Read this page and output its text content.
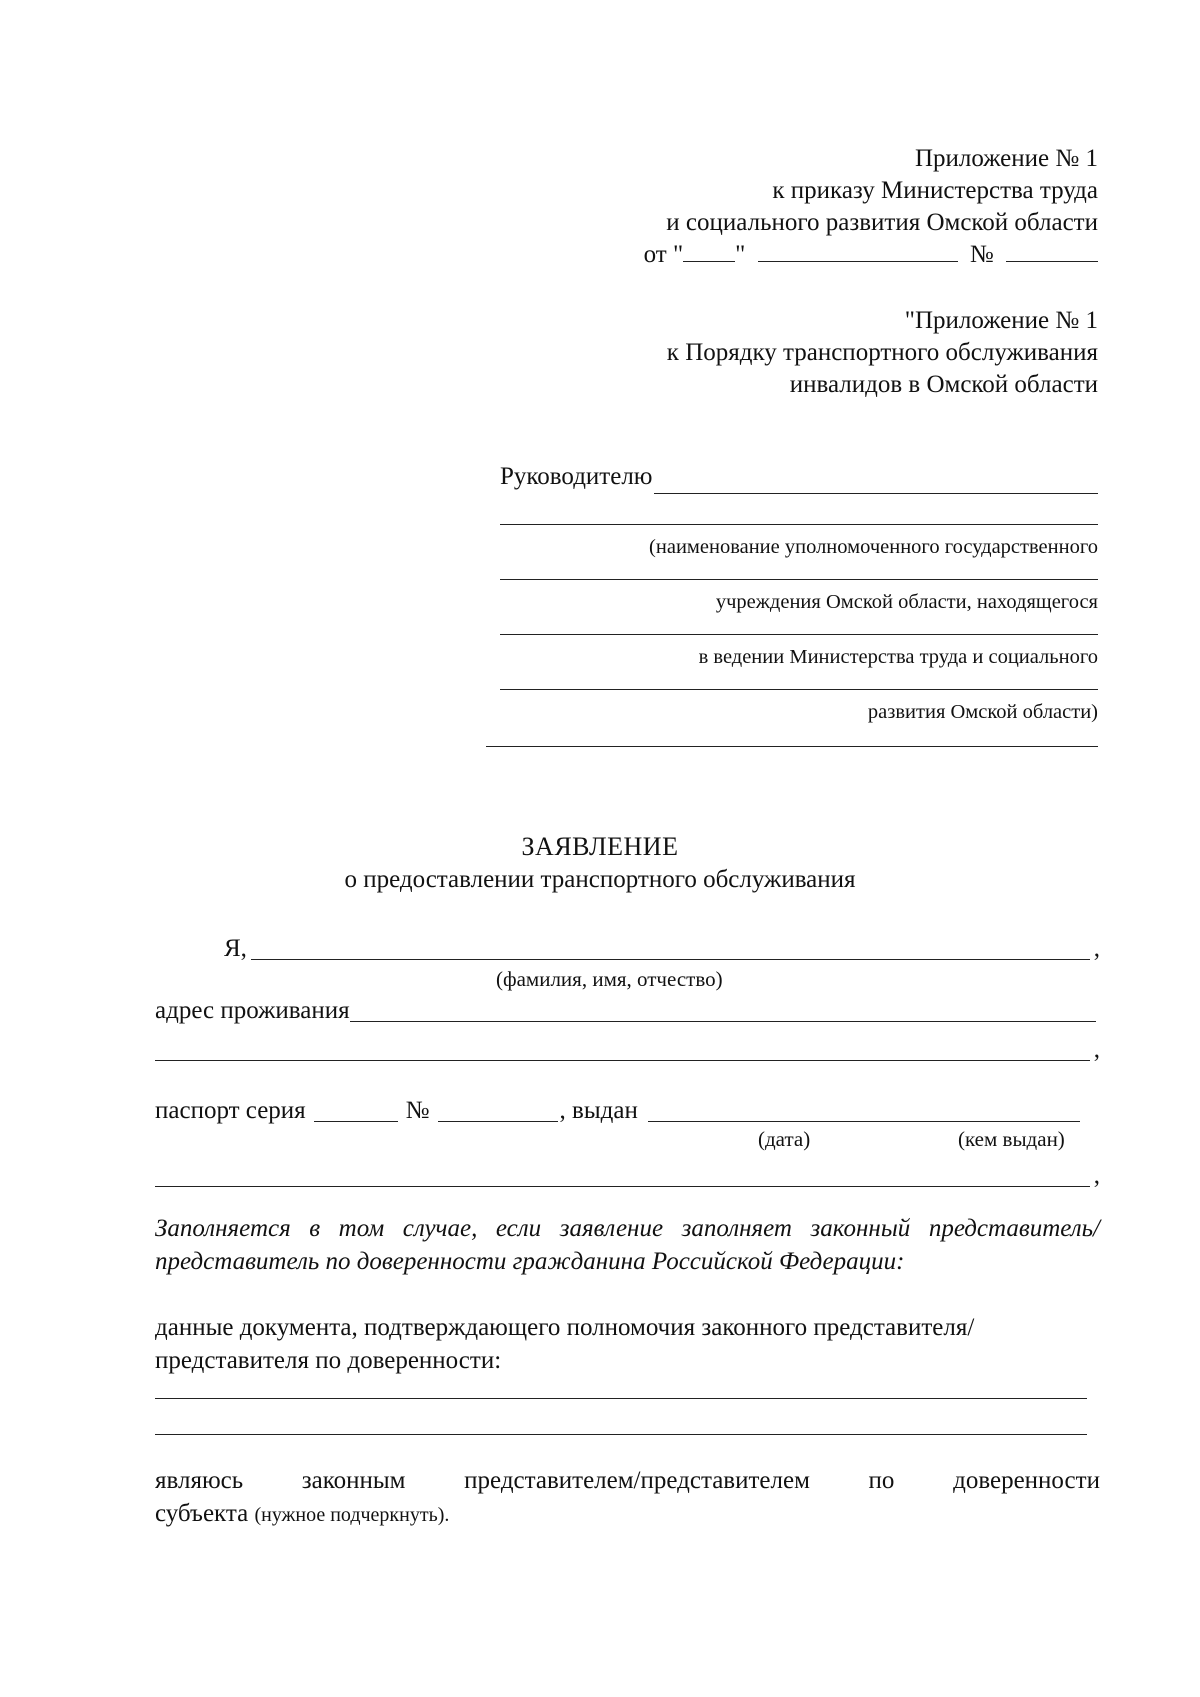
Приложение № 1
к приказу Министерства труда
и социального развития Омской области
от " "	№
"Приложение № 1
к Порядку транспортного обслуживания
инвалидов в Омской области
Руководителю
(наименование уполномоченного государственного
учреждения Омской области, находящегося
в ведении Министерства труда и социального
развития Омской области)
ЗАЯВЛЕНИЕ
о предоставлении транспортного обслуживания
Я,	,
(фамилия, имя, отчество)
адрес проживания
,
паспорт серия	№	, выдан
(дата)	(кем выдан)
,
Заполняется в том случае, если заявление заполняет законный представитель/представитель по доверенности гражданина Российской Федерации:
данные документа, подтверждающего полномочия законного представителя/
представителя по доверенности:
являюсь законным представителем/представителем по доверенности
субъекта (нужное подчеркнуть).
